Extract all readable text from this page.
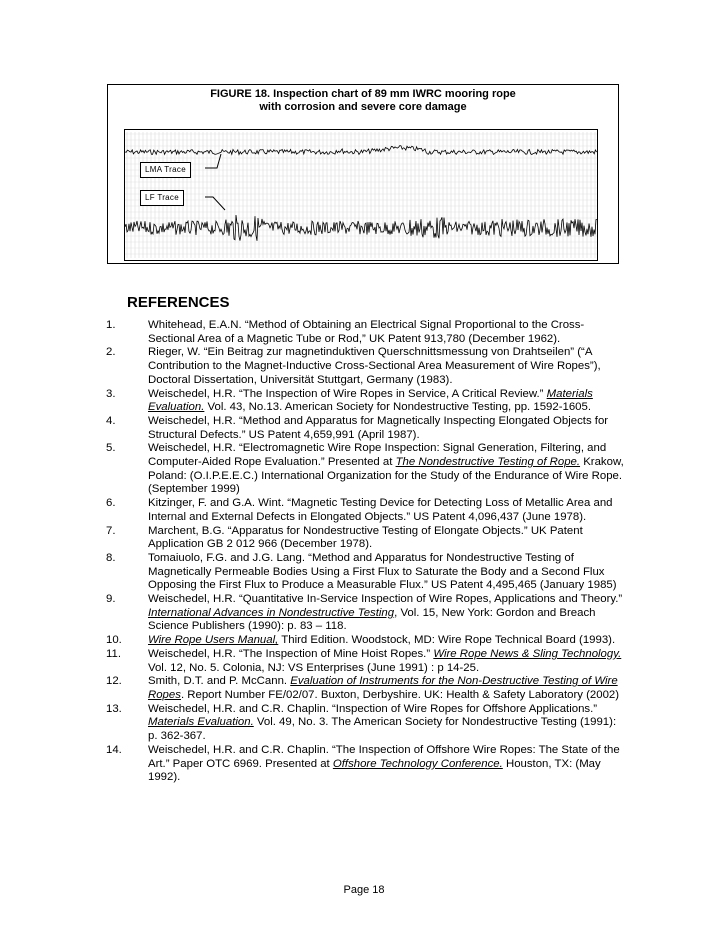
FIGURE 18. Inspection chart of 89 mm IWRC mooring rope
with corrosion and severe core damage
LMA Trace
LF Trace
REFERENCES
1.	Whitehead, E.A.N. “Method of Obtaining an Electrical Signal Proportional to the Cross-Sectional Area of a Magnetic Tube or Rod,” UK Patent 913,780 (December 1962).
2.	Rieger, W. “Ein Beitrag zur magnetinduktiven Querschnittsmessung von Drahtseilen” (“A Contribution to the Magnet-Inductive Cross-Sectional Area Measurement of Wire Ropes”), Doctoral Dissertation, Universität Stuttgart, Germany (1983).
3.	Weischedel, H.R. “The Inspection of Wire Ropes in Service, A Critical Review.” Materials Evaluation. Vol. 43, No.13. American Society for Nondestructive Testing, pp. 1592-1605.
4.	Weischedel, H.R. “Method and Apparatus for Magnetically Inspecting Elongated Objects for Structural Defects.” US Patent 4,659,991 (April 1987).
5.	Weischedel, H.R. “Electromagnetic Wire Rope Inspection: Signal Generation, Filtering, and Computer-Aided Rope Evaluation.” Presented at The Nondestructive Testing of Rope. Krakow, Poland: (O.I.P.E.E.C.) International Organization for the Study of the Endurance of Wire Rope. (September 1999)
6.	Kitzinger, F. and G.A. Wint. “Magnetic Testing Device for Detecting Loss of Metallic Area and Internal and External Defects in Elongated Objects.” US Patent 4,096,437 (June 1978).
7.	Marchent, B.G. “Apparatus for Nondestructive Testing of Elongate Objects.” UK Patent Application GB 2 012 966 (December 1978).
8.	Tomaiuolo, F.G. and J.G. Lang. “Method and Apparatus for Nondestructive Testing of Magnetically Permeable Bodies Using a First Flux to Saturate the Body and a Second Flux Opposing the First Flux to Produce a Measurable Flux.” US Patent 4,495,465 (January 1985)
9.	Weischedel, H.R. “Quantitative In-Service Inspection of Wire Ropes, Applications and Theory.” International Advances in Nondestructive Testing, Vol. 15, New York: Gordon and Breach Science Publishers (1990): p. 83 – 118.
10.	Wire Rope Users Manual, Third Edition. Woodstock, MD: Wire Rope Technical Board (1993).
11.	Weischedel, H.R. “The Inspection of Mine Hoist Ropes.” Wire Rope News & Sling Technology. Vol. 12, No. 5. Colonia, NJ: VS Enterprises (June 1991) : p 14-25.
12.	Smith, D.T. and P. McCann. Evaluation of Instruments for the Non-Destructive Testing of Wire Ropes. Report Number FE/02/07. Buxton, Derbyshire. UK: Health & Safety Laboratory (2002)
13.	Weischedel, H.R. and C.R. Chaplin. “Inspection of Wire Ropes for Offshore Applications.” Materials Evaluation. Vol. 49, No. 3. The American Society for Nondestructive Testing (1991): p. 362-367.
14.	Weischedel, H.R. and C.R. Chaplin. “The Inspection of Offshore Wire Ropes: The State of the Art.” Paper OTC 6969. Presented at Offshore Technology Conference. Houston, TX: (May 1992).
Page 18
